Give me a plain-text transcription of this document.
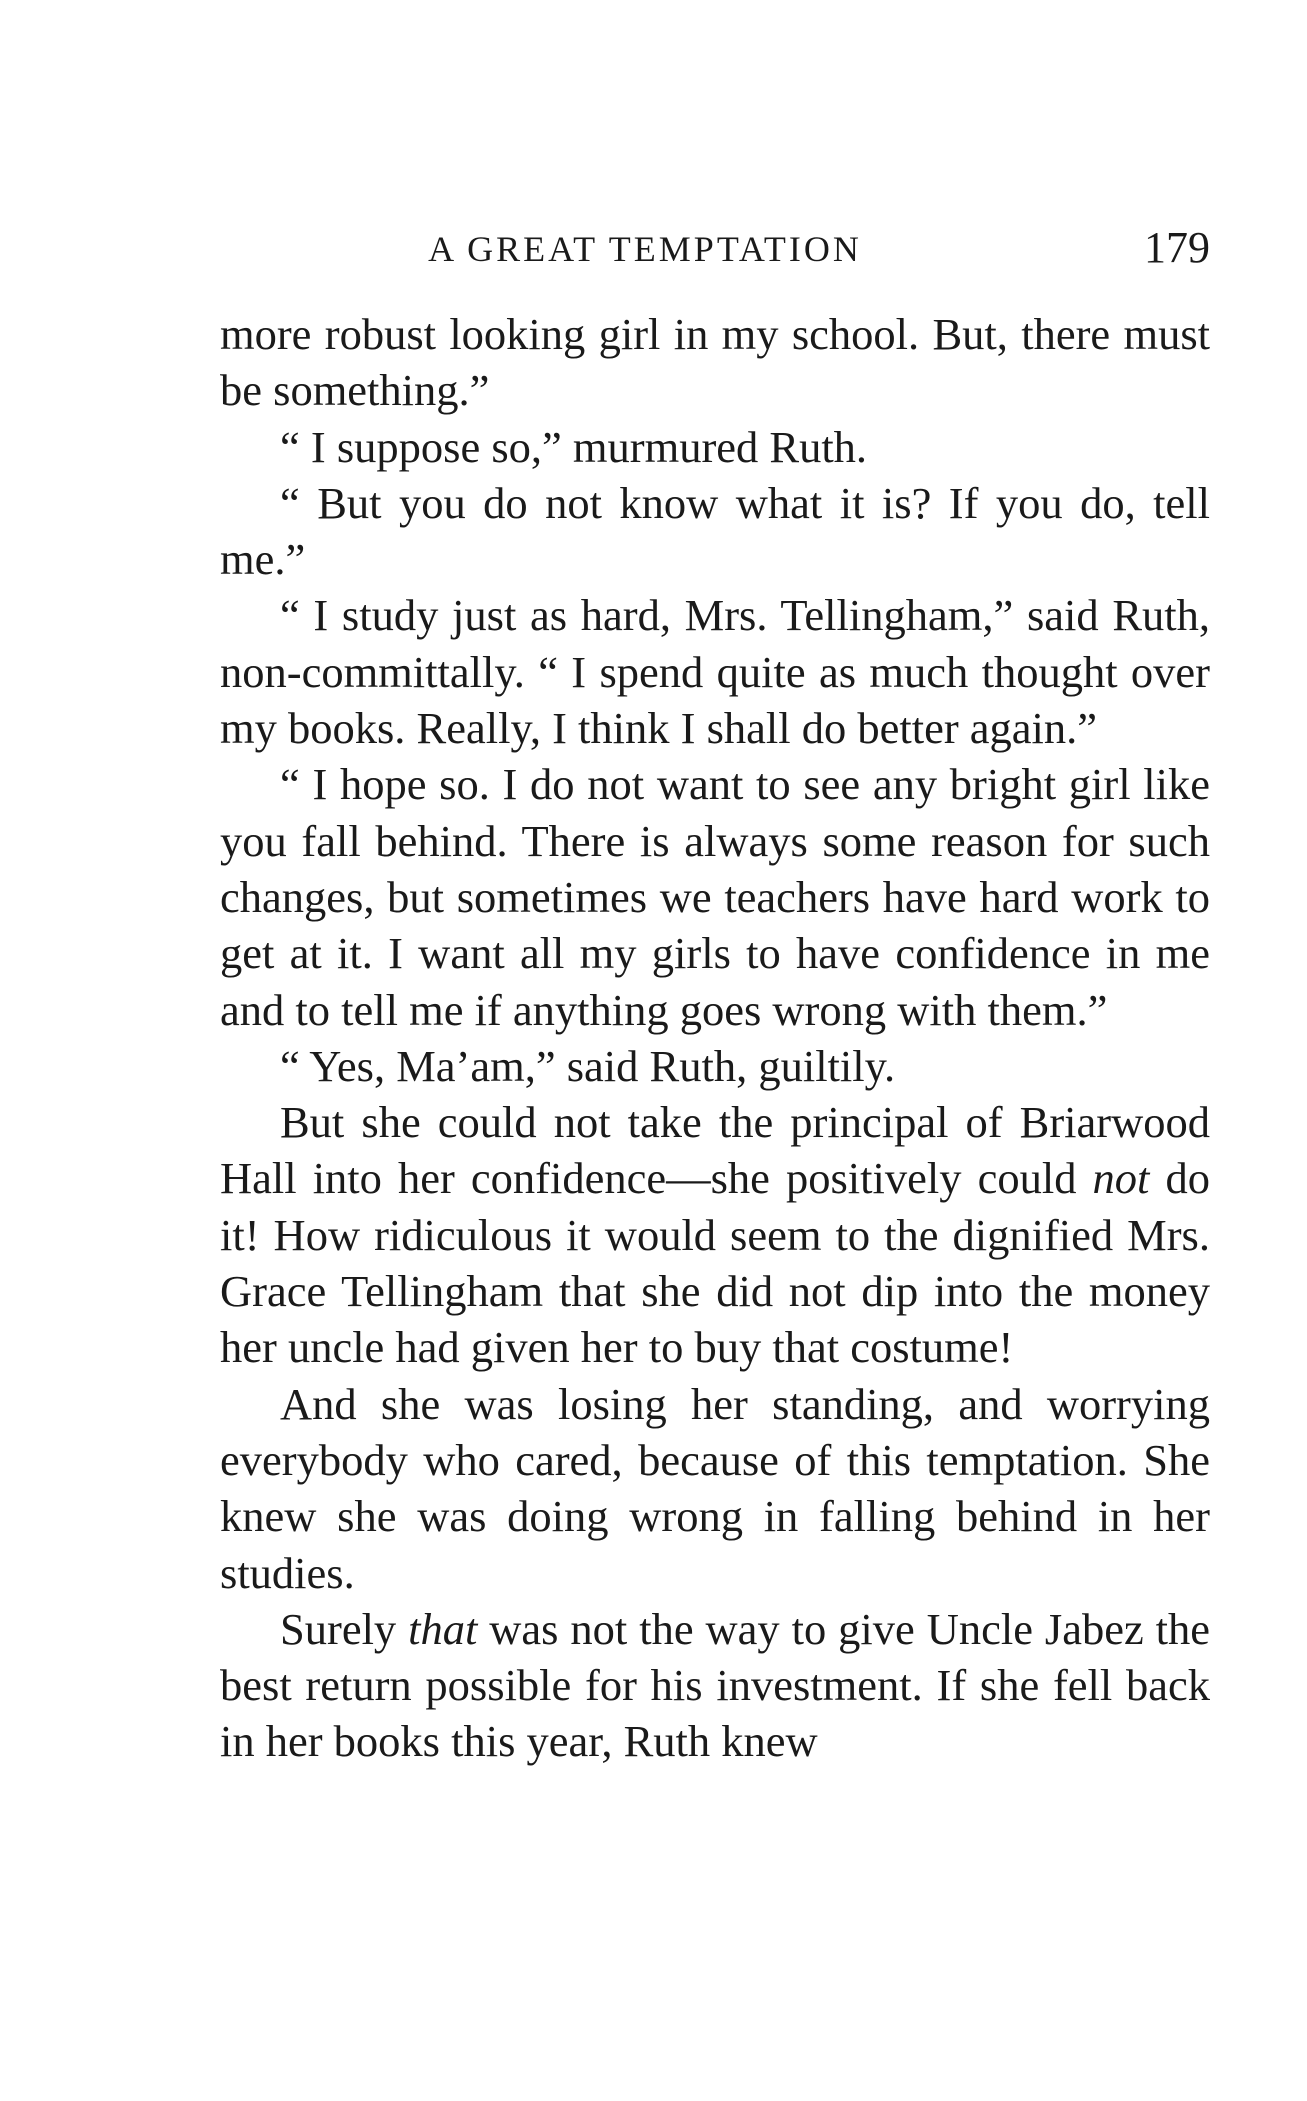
A GREAT TEMPTATION	179

more robust looking girl in my school. But, there must be something.”

“ I suppose so,” murmured Ruth.

“ But you do not know what it is? If you do, tell me.”

“ I study just as hard, Mrs. Tellingham,” said Ruth, non-committally. “ I spend quite as much thought over my books. Really, I think I shall do better again.”

“ I hope so. I do not want to see any bright girl like you fall behind. There is always some reason for such changes, but sometimes we teachers have hard work to get at it. I want all my girls to have confidence in me and to tell me if anything goes wrong with them.”

“ Yes, Ma’am,” said Ruth, guiltily.

But she could not take the principal of Briarwood Hall into her confidence—she positively could not do it! How ridiculous it would seem to the dignified Mrs. Grace Tellingham that she did not dip into the money her uncle had given her to buy that costume!

And she was losing her standing, and worrying everybody who cared, because of this temptation. She knew she was doing wrong in falling behind in her studies.

Surely that was not the way to give Uncle Jabez the best return possible for his investment. If she fell back in her books this year, Ruth knew
